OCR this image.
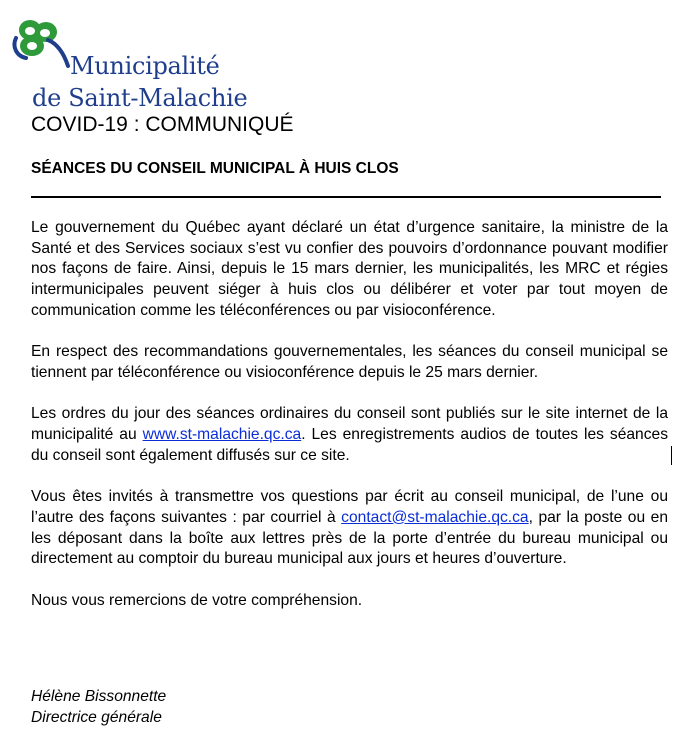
Municipalité
de Saint-Malachie
COVID-19 : COMMUNIQUÉ
SÉANCES DU CONSEIL MUNICIPAL À HUIS CLOS

Le gouvernement du Québec ayant déclaré un état d’urgence sanitaire, la ministre de la Santé et des Services sociaux s’est vu confier des pouvoirs d’ordonnance pouvant modifier nos façons de faire. Ainsi, depuis le 15 mars dernier, les municipalités, les MRC et régies intermunicipales peuvent siéger à huis clos ou délibérer et voter par tout moyen de communication comme les téléconférences ou par visioconférence.

En respect des recommandations gouvernementales, les séances du conseil municipal se tiennent par téléconférence ou visioconférence depuis le 25 mars dernier.

Les ordres du jour des séances ordinaires du conseil sont publiés sur le site internet de la municipalité au www.st-malachie.qc.ca. Les enregistrements audios de toutes les séances du conseil sont également diffusés sur ce site.

Vous êtes invités à transmettre vos questions par écrit au conseil municipal, de l’une ou l’autre des façons suivantes : par courriel à contact@st-malachie.qc.ca, par la poste ou en les déposant dans la boîte aux lettres près de la porte d’entrée du bureau municipal ou directement au comptoir du bureau municipal aux jours et heures d’ouverture.

Nous vous remercions de votre compréhension.

Hélène Bissonnette
Directrice générale
